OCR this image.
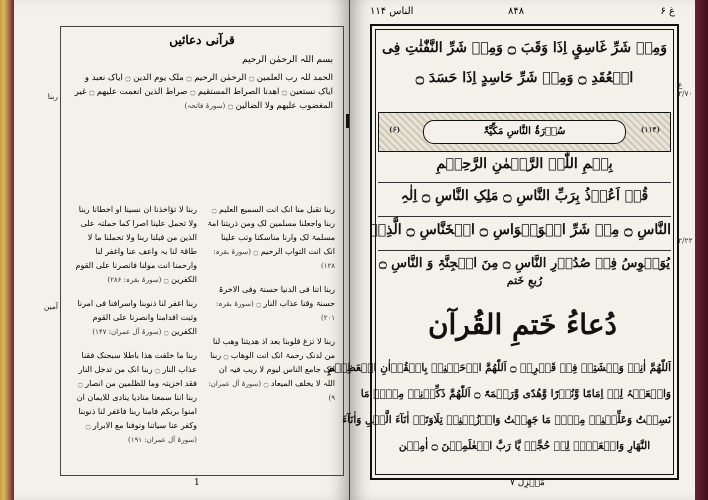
ربنا
آمین
قرآنی دعائیں
بسم اللہ الرحمٰن الرحیم
الحمد للہ رب العلمین ۝ الرحمٰن الرحیم ۝ ملک یوم الدین ۝ ایاک نعبد و ایاک نستعین ۝ اھدنا الصراط المستقیم ۝ صراط الذین انعمت علیھم ۝ غیر المغضوب علیھم ولا الضالین ۝ (سورۃ فاتحہ)

ربنا تقبل منا انک انت السمیع العلیم ۝ ربنا واجعلنا مسلمین لک ومن ذریتنا امۃ مسلمۃ لک وارنا مناسکنا وتب علینا انک انت التواب الرحیم ۝ (سورۃ بقرہ: ۱۲۸)

ربنا اتنا فی الدنیا حسنۃ وفی الاخرۃ حسنۃ وقنا عذاب النار ۝ (سورۃ بقرہ: ۲۰۱)

ربنا لا تزغ قلوبنا بعد اذ ھدیتنا وھب لنا من لدنک رحمۃ انک انت الوھاب ۝ ربنا انک جامع الناس لیوم لا ریب فیہ ان اللہ لا یخلف المیعاد ۝ (سورۃ آل عمران: ۹)

ربنا لا تؤاخذنا ان نسینا او اخطانا ربنا ولا تحمل علینا اصرا کما حملتہ علی الذین من قبلنا ربنا ولا تحملنا ما لا طاقۃ لنا بہ واعف عنا واغفر لنا وارحمنا انت مولنا فانصرنا علی القوم الکفرین ۝ (سورۃ بقرہ: ۲۸۶)

ربنا اغفر لنا ذنوبنا واسرافنا فی امرنا وثبت اقدامنا وانصرنا علی القوم الکفرین ۝ (سورۃ آل عمران: ۱۴۷)

ربنا ما خلقت ھذا باطلا سبحنک فقنا عذاب النار ۝ ربنا انک من تدخل النار فقد اخزیتہ وما للظلمین من انصار ۝ ربنا اننا سمعنا منادیا ینادی للایمان ان امنوا بربکم فامنا ربنا فاغفر لنا ذنوبنا وکفر عنا سیاتنا وتوفنا مع الابرار ۝ (سورۃ آل عمران: ۱۹۱)

1
الناس ۱۱۴	۸۴۸	غ ۶
ع ۲/۷۰
۲/۲۲
وَمِنۡ شَرِّ غَاسِقٍ اِذَا وَقَبَ ۝ وَمِنۡ شَرِّ النَّفّٰثٰتِ فِی
الۡعُقَدِ ۝ وَمِنۡ شَرِّ حَاسِدٍ اِذَا حَسَدَ ۝
(۶)	سُوۡرَۃُ النَّاسِ مَکِّیَّۃٌ	(۱۱۴)
بِسۡمِ اللّٰہِ الرَّحۡمٰنِ الرَّحِیۡمِ
قُلۡ اَعُوۡذُ بِرَبِّ النَّاسِ ۝ مَلِکِ النَّاسِ ۝ اِلٰہِ
النَّاسِ ۝ مِنۡ شَرِّ الۡوَسۡوَاسِ ۝ الۡخَنَّاسِ ۝ الَّذِیۡ
یُوَسۡوِسُ فِیۡ صُدُوۡرِ النَّاسِ ۝ مِنَ الۡجِنَّۃِ وَ النَّاسِ ۝
رُبعِ خَتم
دُعاءُ خَتمِ القُرآن
اَللّٰھُمَّ اٰنِسۡ وَحۡشَتِیۡ فِیۡ قَبۡرِیۡ ۝ اَللّٰھُمَّ ارۡحَمۡنِیۡ بِالۡقُرۡاٰنِ الۡعَظِیۡمِ
وَاجۡعَلۡہُ لِیۡ اِمَامًا وَّنُوۡرًا وَّھُدًی وَّرَحۡمَۃً ۝ اَللّٰھُمَّ ذَکِّرۡنِیۡ مِنۡہُ مَا
نَسِیۡتُ وَعَلِّمۡنِیۡ مِنۡہُ مَا جَھِلۡتُ وَارۡزُقۡنِیۡ تِلَاوَتَہٗ اٰنَآءَ الَّیۡلِ وَاٰنَآءَ
النَّھَارِ وَاجۡعَلۡہُ لِیۡ حُجَّۃً یَّا رَبَّ الۡعٰلَمِیۡنَ ۝ اٰمِیۡن
مَنۡزِل ۷
